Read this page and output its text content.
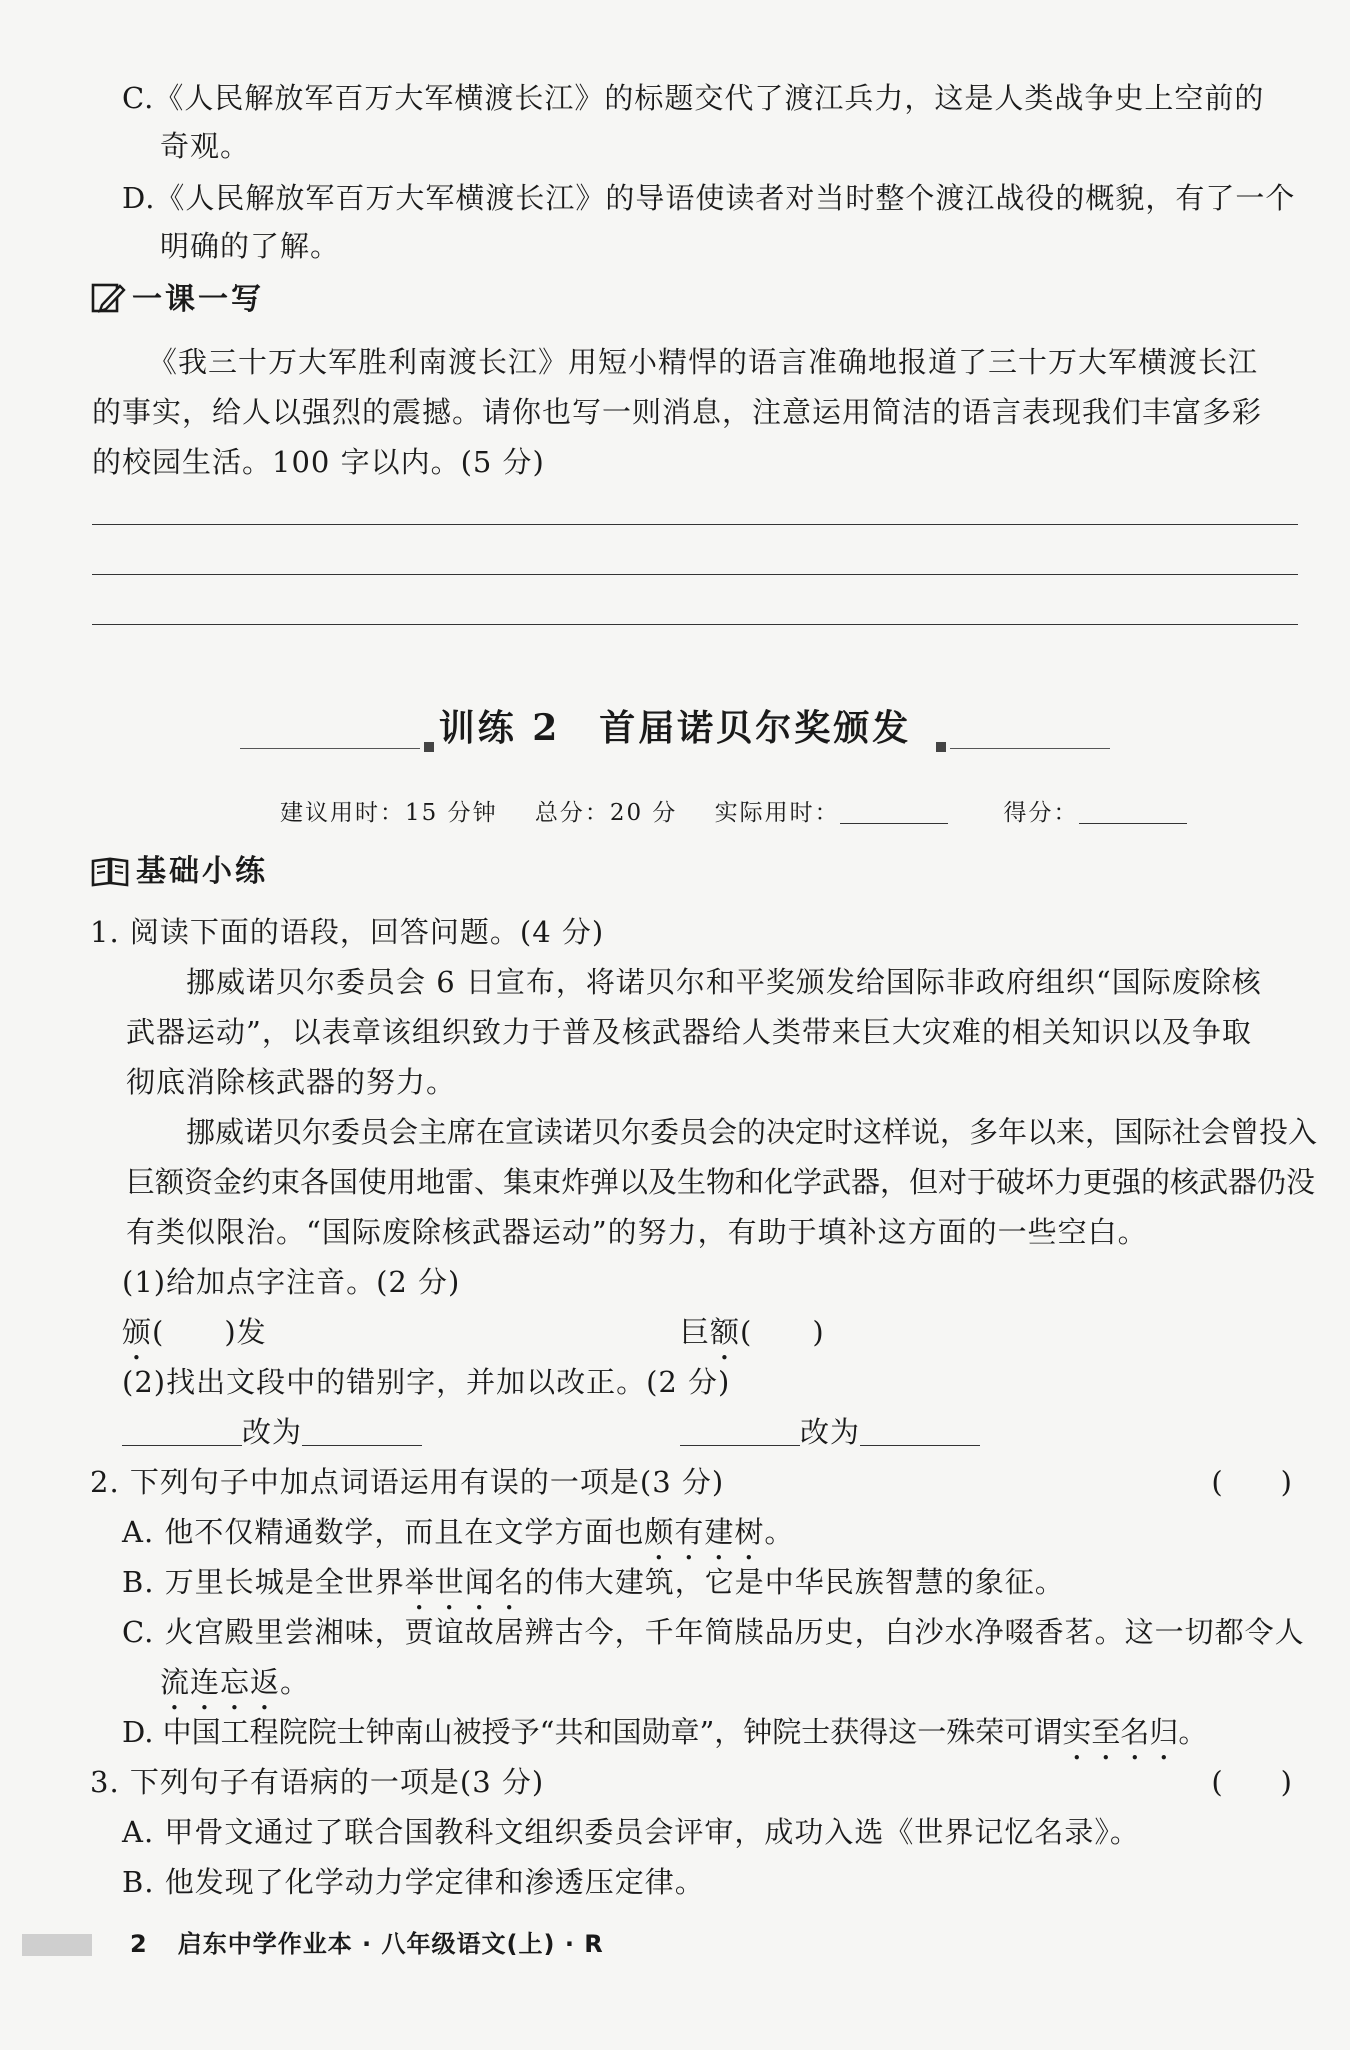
C.《人民解放军百万大军横渡长江》的标题交代了渡江兵力，这是人类战争史上空前的
奇观。
D.《人民解放军百万大军横渡长江》的导语使读者对当时整个渡江战役的概貌，有了一个
明确的了解。
一课一写
《我三十万大军胜利南渡长江》用短小精悍的语言准确地报道了三十万大军横渡长江
的事实，给人以强烈的震撼。请你也写一则消息，注意运用简洁的语言表现我们丰富多彩
的校园生活。100 字以内。(5 分)
训练 2　首届诺贝尔奖颁发
建议用时：15 分钟 总分：20 分 实际用时：	得分：
基础小练
1. 阅读下面的语段，回答问题。(4 分)
挪威诺贝尔委员会 6 日宣布，将诺贝尔和平奖颁发给国际非政府组织“国际废除核
武器运动”，以表章该组织致力于普及核武器给人类带来巨大灾难的相关知识以及争取
彻底消除核武器的努力。
挪威诺贝尔委员会主席在宣读诺贝尔委员会的决定时这样说，多年以来，国际社会曾投入
巨额资金约束各国使用地雷、集束炸弹以及生物和化学武器，但对于破坏力更强的核武器仍没
有类似限治。“国际废除核武器运动”的努力，有助于填补这方面的一些空白。
(1)给加点字注音。(2 分)
颁(　　)发	巨额(　　)
(2)找出文段中的错别字，并加以改正。(2 分)
改为	改为
2. 下列句子中加点词语运用有误的一项是(3 分)	(　　)
A. 他不仅精通数学，而且在文学方面也颇有建树。
B. 万里长城是全世界举世闻名的伟大建筑，它是中华民族智慧的象征。
C. 火宫殿里尝湘味，贾谊故居辨古今，千年简牍品历史，白沙水净啜香茗。这一切都令人
流连忘返。
D. 中国工程院院士钟南山被授予“共和国勋章”，钟院士获得这一殊荣可谓实至名归。
3. 下列句子有语病的一项是(3 分)	(　　)
A. 甲骨文通过了联合国教科文组织委员会评审，成功入选《世界记忆名录》。
B. 他发现了化学动力学定律和渗透压定律。
2 启东中学作业本 · 八年级语文(上) · R
